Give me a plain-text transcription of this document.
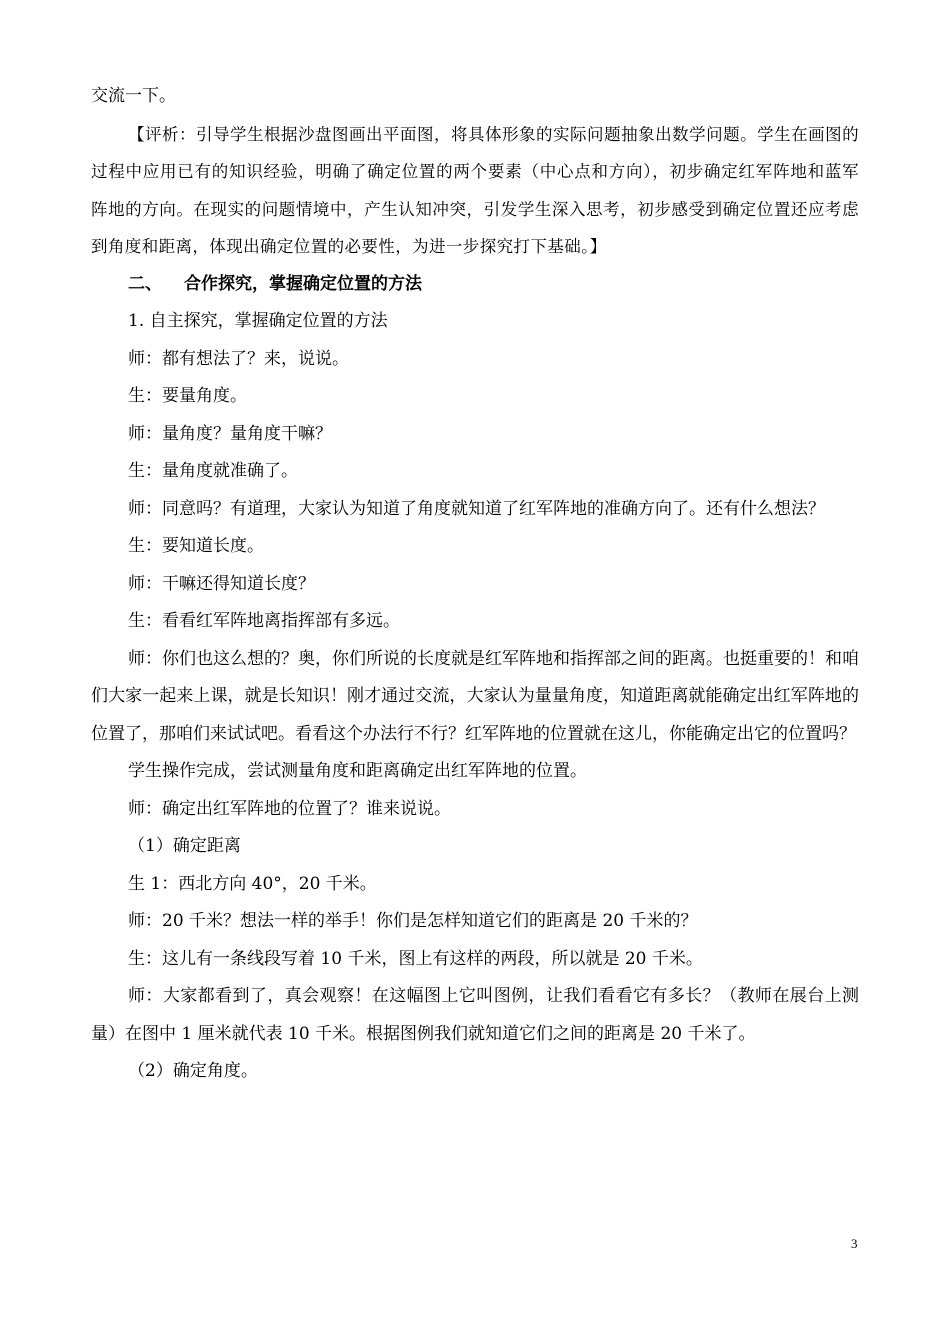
交流一下。

【评析：引导学生根据沙盘图画出平面图，将具体形象的实际问题抽象出数学问题。学生在画图的过程中应用已有的知识经验，明确了确定位置的两个要素（中心点和方向），初步确定红军阵地和蓝军阵地的方向。在现实的问题情境中，产生认知冲突，引发学生深入思考，初步感受到确定位置还应考虑到角度和距离，体现出确定位置的必要性，为进一步探究打下基础。】

二、 合作探究，掌握确定位置的方法

1. 自主探究，掌握确定位置的方法

师：都有想法了？来，说说。

生：要量角度。

师：量角度？量角度干嘛？

生：量角度就准确了。

师：同意吗？有道理，大家认为知道了角度就知道了红军阵地的准确方向了。还有什么想法？

生：要知道长度。

师：干嘛还得知道长度？

生：看看红军阵地离指挥部有多远。

师：你们也这么想的？奥，你们所说的长度就是红军阵地和指挥部之间的距离。也挺重要的！和咱们大家一起来上课，就是长知识！刚才通过交流，大家认为量量角度，知道距离就能确定出红军阵地的位置了，那咱们来试试吧。看看这个办法行不行？红军阵地的位置就在这儿，你能确定出它的位置吗？

学生操作完成，尝试测量角度和距离确定出红军阵地的位置。

师：确定出红军阵地的位置了？谁来说说。

（1）确定距离

生 1：西北方向 40°，20 千米。

师：20 千米？想法一样的举手！你们是怎样知道它们的距离是 20 千米的？

生：这儿有一条线段写着 10 千米，图上有这样的两段，所以就是 20 千米。

师：大家都看到了，真会观察！在这幅图上它叫图例，让我们看看它有多长？（教师在展台上测量）在图中 1 厘米就代表 10 千米。根据图例我们就知道它们之间的距离是 20 千米了。

（2）确定角度。

3
